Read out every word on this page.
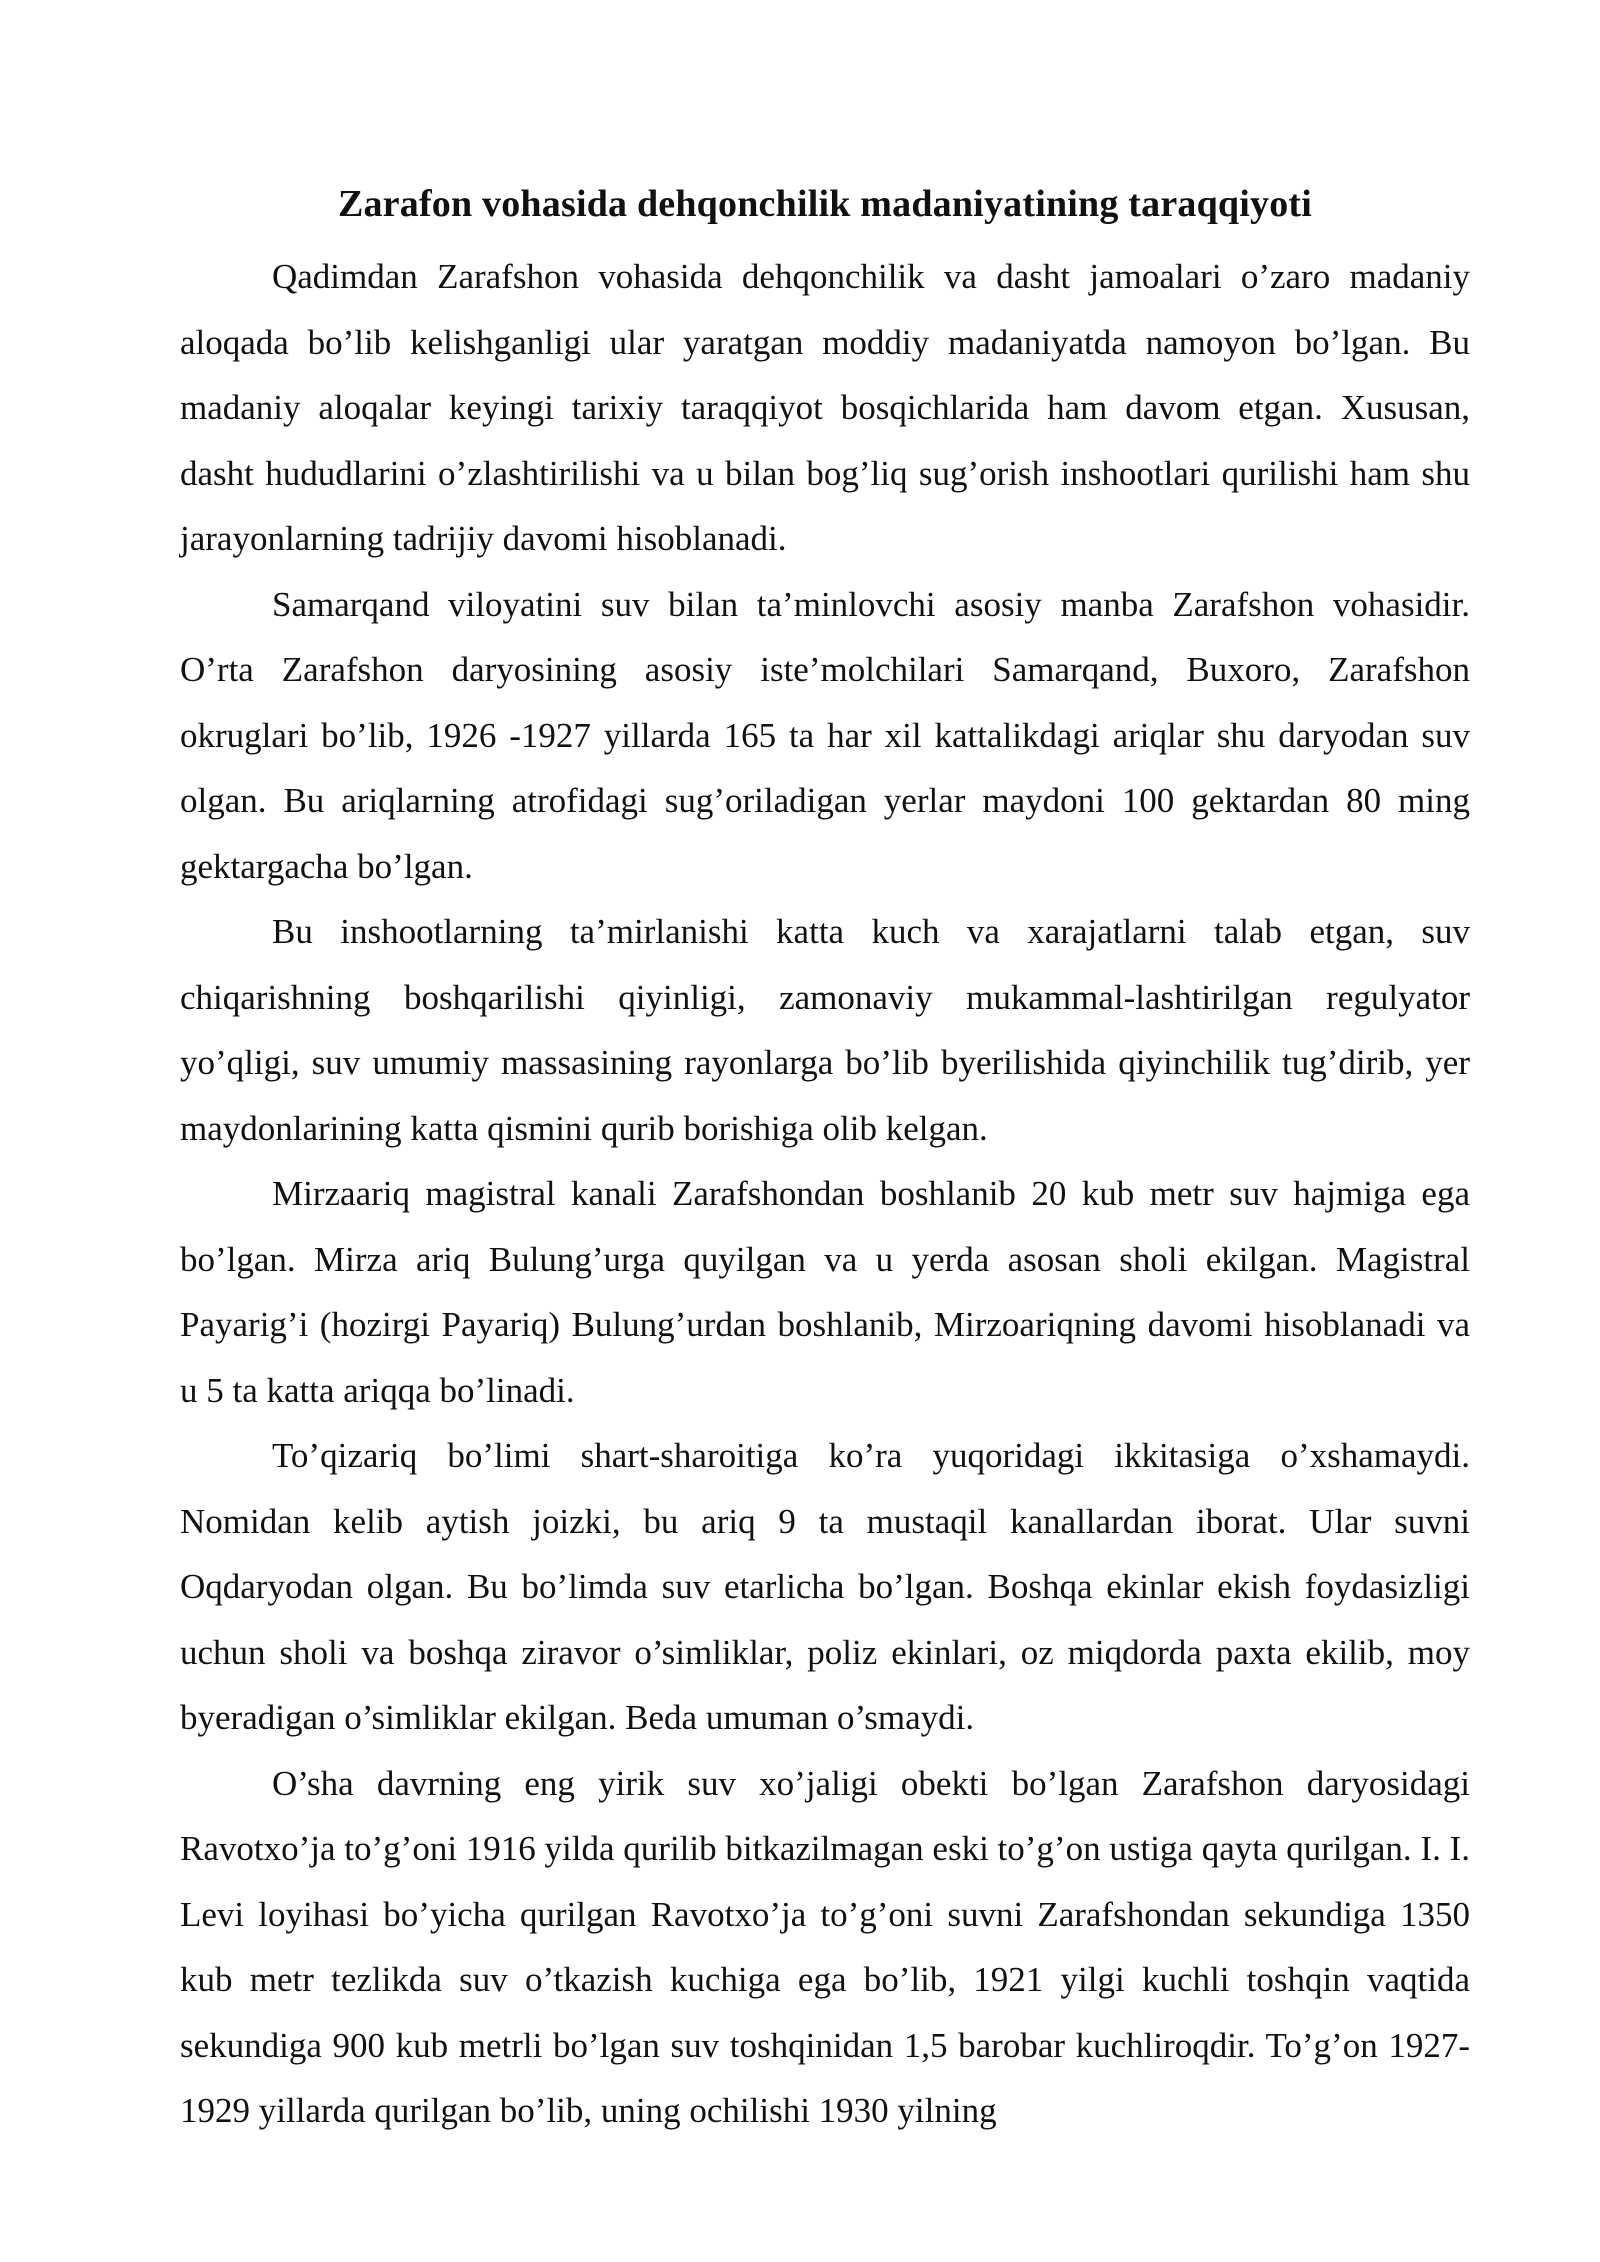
Zarafon vohasida dehqonchilik madaniyatining taraqqiyoti

Qadimdan Zarafshon vohasida dehqonchilik va dasht jamoalari o’zaro madaniy aloqada bo’lib kelishganligi ular yaratgan moddiy madaniyatda namoyon bo’lgan. Bu madaniy aloqalar keyingi tarixiy taraqqiyot bosqichlarida ham davom etgan. Xususan, dasht hududlarini o’zlashtirilishi va u bilan bog’liq sug’orish inshootlari qurilishi ham shu jarayonlarning tadrijiy davomi hisoblanadi.

Samarqand viloyatini suv bilan ta’minlovchi asosiy manba Zarafshon vohasidir. O’rta Zarafshon daryosining asosiy iste’molchilari Samarqand, Buxoro, Zarafshon okruglari bo’lib, 1926 -1927 yillarda 165 ta har xil kattalikdagi ariqlar shu daryodan suv olgan. Bu ariqlarning atrofidagi sug’oriladigan yerlar maydoni 100 gektardan 80 ming gektargacha bo’lgan.

Bu inshootlarning ta’mirlanishi katta kuch va xarajatlarni talab etgan, suv chiqarishning boshqarilishi qiyinligi, zamonaviy mukammal-lashtirilgan regulyator yo’qligi, suv umumiy massasining rayonlarga bo’lib byerilishida qiyinchilik tug’dirib, yer maydonlarining katta qismini qurib borishiga olib kelgan.

Mirzaariq magistral kanali Zarafshondan boshlanib 20 kub metr suv hajmiga ega bo’lgan. Mirza ariq Bulung’urga quyilgan va u yerda asosan sholi ekilgan. Magistral Payarig’i (hozirgi Payariq) Bulung’urdan boshlanib, Mirzoariqning davomi hisoblanadi va u 5 ta katta ariqqa bo’linadi.

To’qizariq bo’limi shart-sharoitiga ko’ra yuqoridagi ikkitasiga o’xshamaydi. Nomidan kelib aytish joizki, bu ariq 9 ta mustaqil kanallardan iborat. Ular suvni Oqdaryodan olgan. Bu bo’limda suv etarlicha bo’lgan. Boshqa ekinlar ekish foydasizligi uchun sholi va boshqa ziravor o’simliklar, poliz ekinlari, oz miqdorda paxta ekilib, moy byeradigan o’simliklar ekilgan. Beda umuman o’smaydi.

O’sha davrning eng yirik suv xo’jaligi obekti bo’lgan Zarafshon daryosidagi Ravotxo’ja to’g’oni 1916 yilda qurilib bitkazilmagan eski to’g’on ustiga qayta qurilgan. I. I. Levi loyihasi bo’yicha qurilgan Ravotxo’ja to’g’oni suvni Zarafshondan sekundiga 1350 kub metr tezlikda suv o’tkazish kuchiga ega bo’lib, 1921 yilgi kuchli toshqin vaqtida sekundiga 900 kub metrli bo’lgan suv toshqinidan 1,5 barobar kuchliroqdir. To’g’on 1927-1929 yillarda qurilgan bo’lib, uning ochilishi 1930 yilning
